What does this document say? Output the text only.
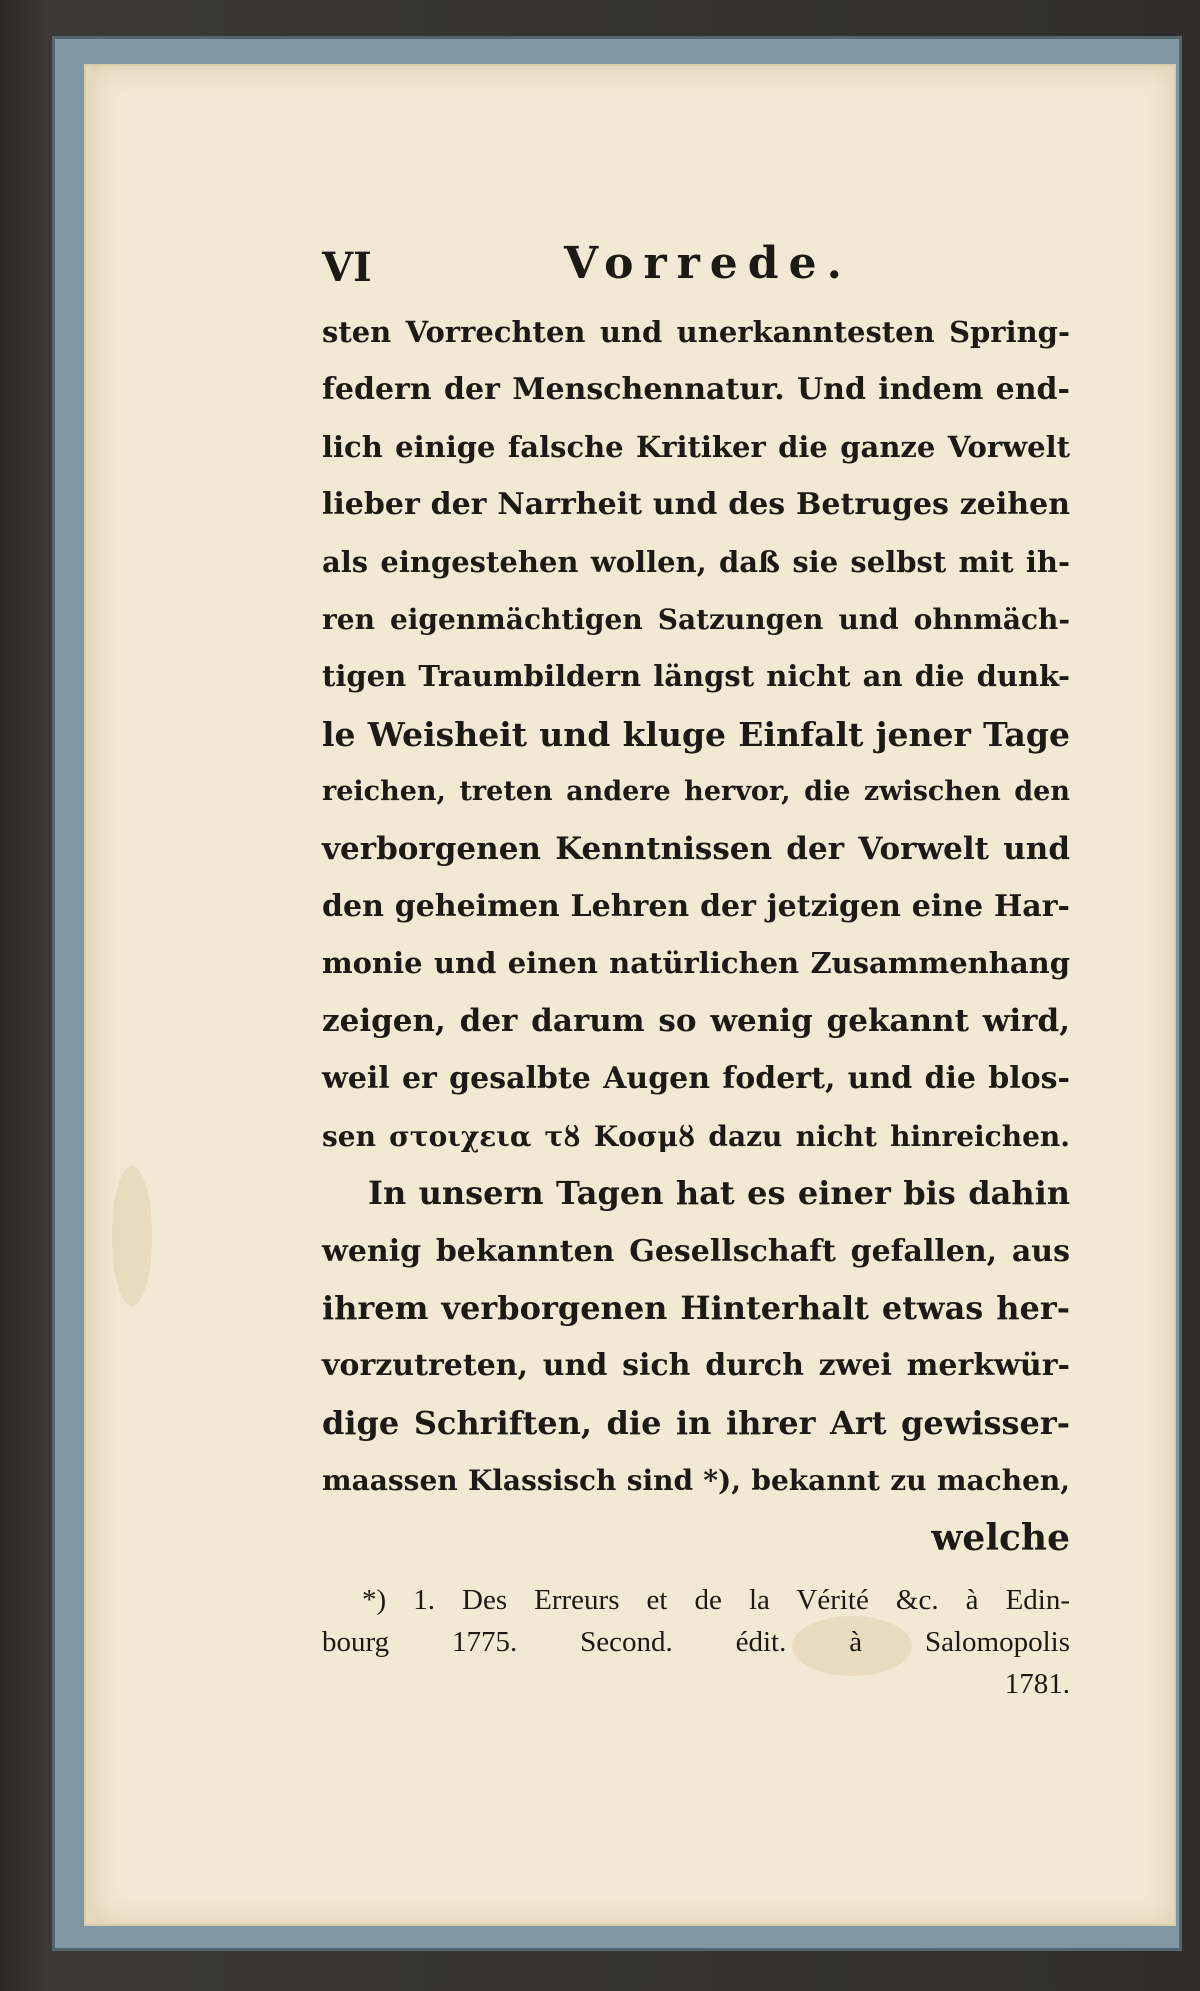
VI	Vorrede.
sten Vorrechten und unerkanntesten Spring-
federn der Menschennatur. Und indem end-
lich einige falsche Kritiker die ganze Vorwelt
lieber der Narrheit und des Betruges zeihen
als eingestehen wollen, daß sie selbst mit ih-
ren eigenmächtigen Satzungen und ohnmäch-
tigen Traumbildern längst nicht an die dunk-
le Weisheit und kluge Einfalt jener Tage
reichen, treten andere hervor, die zwischen den
verborgenen Kenntnissen der Vorwelt und
den geheimen Lehren der jetzigen eine Har-
monie und einen natürlichen Zusammenhang
zeigen, der darum so wenig gekannt wird,
weil er gesalbte Augen fodert, und die blos-
sen στοιχεια τȣ Κοσμȣ dazu nicht hinreichen.
In unsern Tagen hat es einer bis dahin
wenig bekannten Gesellschaft gefallen, aus
ihrem verborgenen Hinterhalt etwas her-
vorzutreten, und sich durch zwei merkwür-
dige Schriften, die in ihrer Art gewisser-
maassen Klassisch sind *), bekannt zu machen,
welche
*) 1. Des Erreurs et de la Vérité &c. à Edin-
bourg 1775. Second. édit. à Salomopolis
1781.
